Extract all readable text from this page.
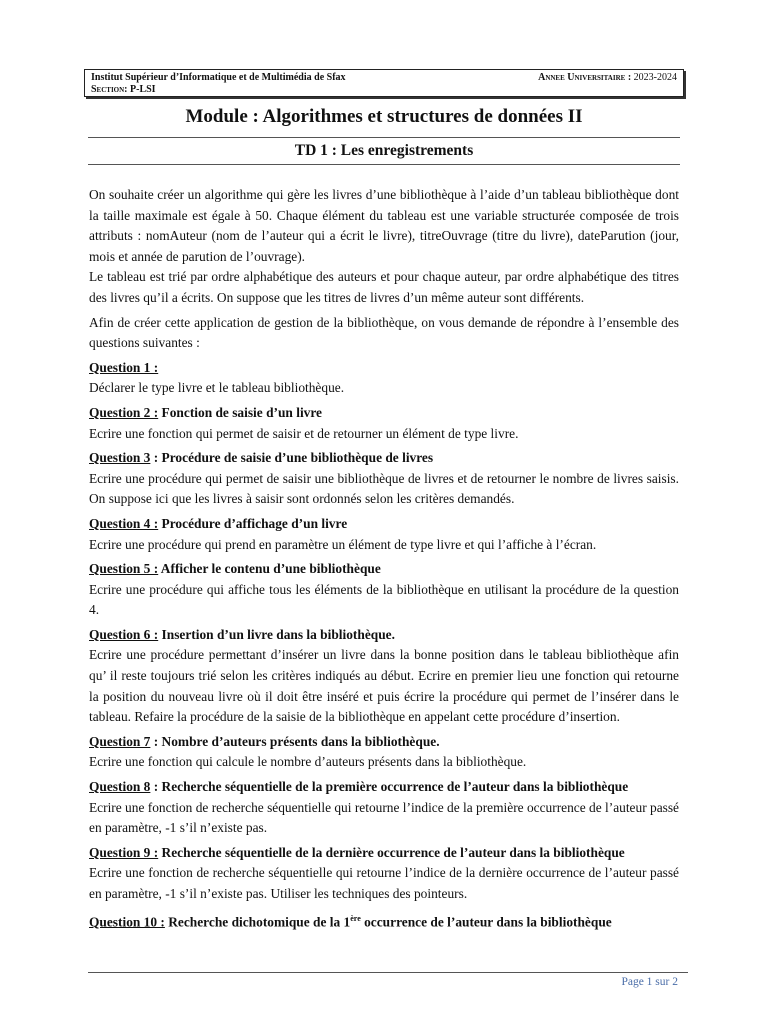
Institut Supérieur d’Informatique et de Multimédia de Sfax
Section: P-LSI
Annee Universitaire : 2023-2024
Module : Algorithmes et structures de données II
TD 1 : Les enregistrements

On souhaite créer un algorithme qui gère les livres d’une bibliothèque à l’aide d’un tableau bibliothèque dont la taille maximale est égale à 50. Chaque élément du tableau est une variable structurée composée de trois attributs : nomAuteur (nom de l’auteur qui a écrit le livre), titreOuvrage (titre du livre), dateParution (jour, mois et année de parution de l’ouvrage).

Le tableau est trié par ordre alphabétique des auteurs et pour chaque auteur, par ordre alphabétique des titres des livres qu’il a écrits. On suppose que les titres de livres d’un même auteur sont différents.

Afin de créer cette application de gestion de la bibliothèque, on vous demande de répondre à l’ensemble des questions suivantes :

Question 1 :

Déclarer le type livre et le tableau bibliothèque.

Question 2 : Fonction de saisie d’un livre

Ecrire une fonction qui permet de saisir et de retourner un élément de type livre.

Question 3 : Procédure de saisie d’une bibliothèque de livres

Ecrire une procédure qui permet de saisir une bibliothèque de livres et de retourner le nombre de livres saisis. On suppose ici que les livres à saisir sont ordonnés selon les critères demandés.

Question 4 : Procédure d’affichage d’un livre

Ecrire une procédure qui prend en paramètre un élément de type livre et qui l’affiche à l’écran.

Question 5 : Afficher le contenu d’une bibliothèque

Ecrire une procédure qui affiche tous les éléments de la bibliothèque en utilisant la procédure de la question 4.

Question 6 : Insertion d’un livre dans la bibliothèque.

Ecrire une procédure permettant d’insérer un livre dans la bonne position dans le tableau bibliothèque afin qu’ il reste toujours trié selon les critères indiqués au début. Ecrire en premier lieu une fonction qui retourne la position du nouveau livre où il doit être inséré et puis écrire la procédure qui permet de l’insérer dans le tableau. Refaire la procédure de la saisie de la bibliothèque en appelant cette procédure d’insertion.

Question 7 : Nombre d’auteurs présents dans la bibliothèque.

Ecrire une fonction qui calcule le nombre d’auteurs présents dans la bibliothèque.

Question 8 : Recherche séquentielle de la première occurrence de l’auteur dans la bibliothèque

Ecrire une fonction de recherche séquentielle qui retourne l’indice de la première occurrence de l’auteur passé en paramètre, -1 s’il n’existe pas.

Question 9 : Recherche séquentielle de la dernière occurrence de l’auteur dans la bibliothèque

Ecrire une fonction de recherche séquentielle qui retourne l’indice de la dernière occurrence de l’auteur passé en paramètre, -1 s’il n’existe pas. Utiliser les techniques des pointeurs.

Question 10 : Recherche dichotomique de la 1ère occurrence de l’auteur dans la bibliothèque
Page 1 sur 2
